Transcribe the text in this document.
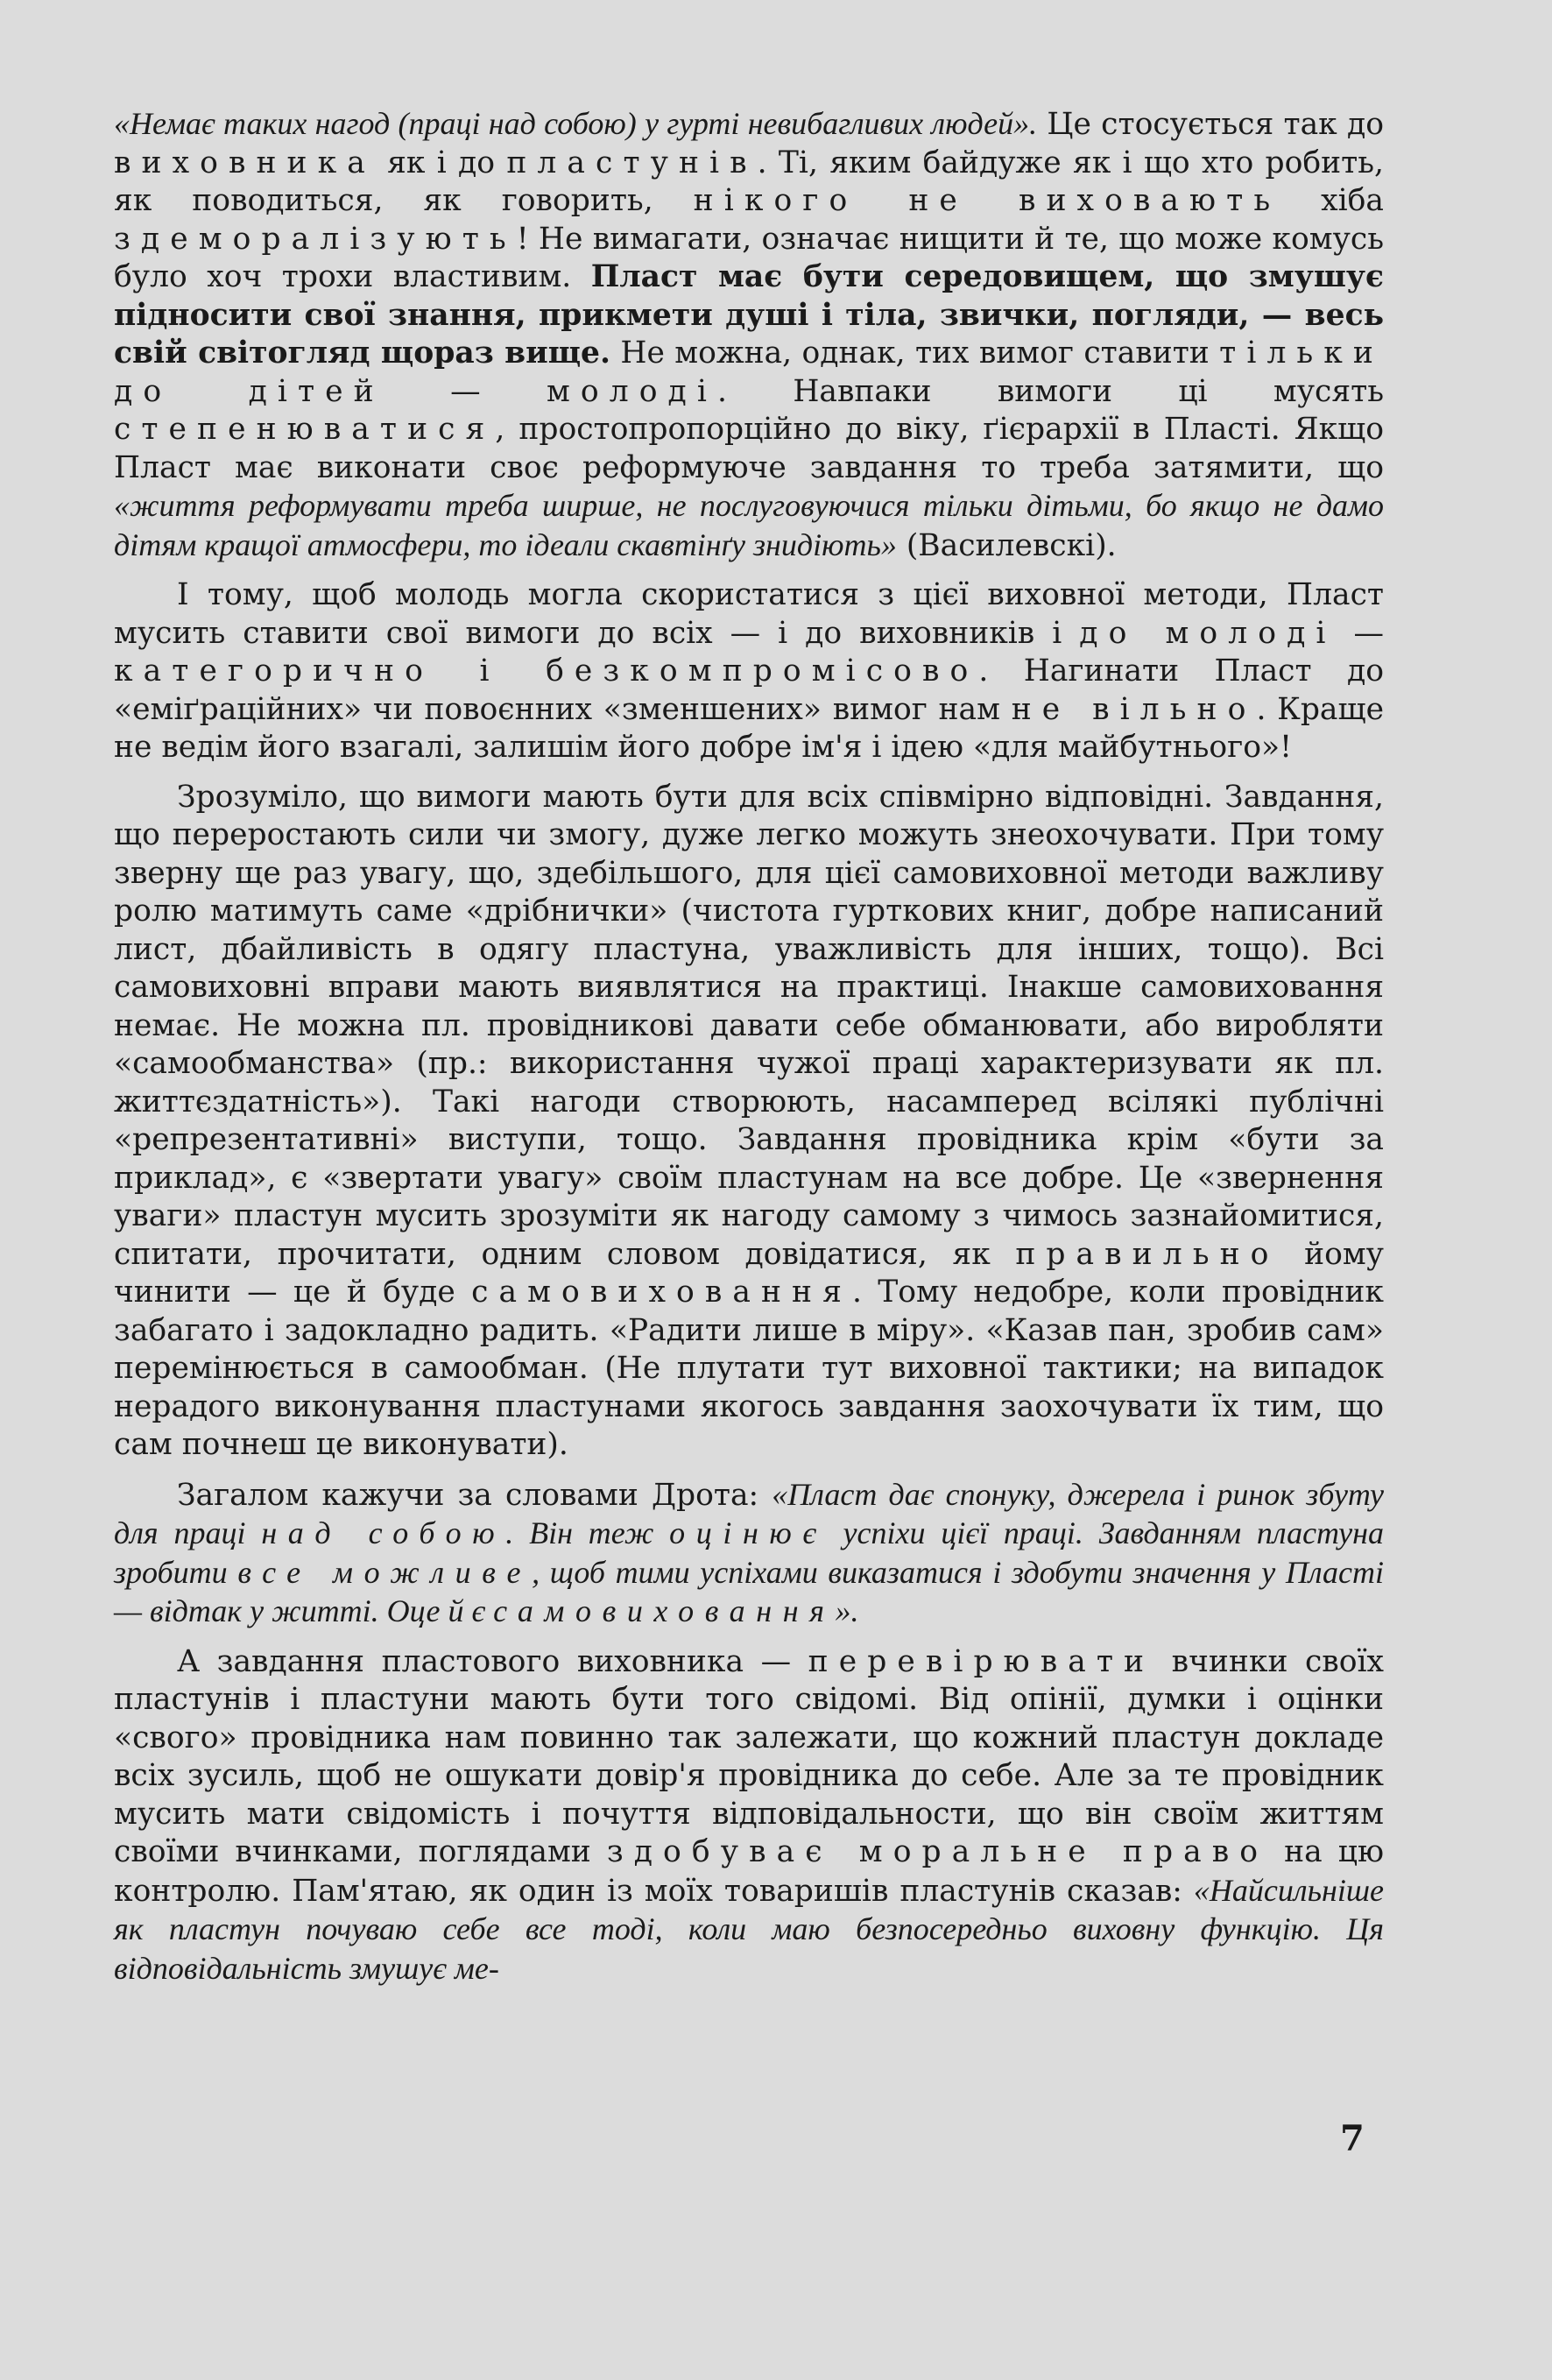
«Немає таких нагод (праці над собою) у гурті невибагливих людей». Це стосується так до виховника як і до пластунів. Ті, яким байдуже як і що хто робить, як поводиться, як говорить, нікого не виховають хіба здеморалізують! Не вимагати, означає нищити й те, що може комусь було хоч трохи властивим. Пласт має бути середовищем, що змушує підносити свої знання, прикмети душі і тіла, звички, погляди, — весь свій світогляд щораз вище. Не можна, однак, тих вимог ставити тільки до дітей — молоді. Навпаки вимоги ці мусять степенюватися, простопропорційно до віку, ґієрархії в Пласті. Якщо Пласт має виконати своє реформуюче завдання то треба затямити, що «життя реформувати треба ширше, не послуговуючися тільки дітьми, бо якщо не дамо дітям кращої атмосфери, то ідеали скавтінґу знидіють» (Василевскі).

І тому, щоб молодь могла скористатися з цієї виховної методи, Пласт мусить ставити свої вимоги до всіх — і до виховників і до молоді — категорично і безкомпромісово. Нагинати Пласт до «еміґраційних» чи повоєнних «зменшених» вимог нам не вільно. Краще не ведім його взагалі, залишім його добре ім'я і ідею «для майбутнього»!

Зрозуміло, що вимоги мають бути для всіх співмірно відповідні. Завдання, що переростають сили чи змогу, дуже легко можуть знеохочувати. При тому зверну ще раз увагу, що, здебільшого, для цієї самовиховної методи важливу ролю матимуть саме «дрібнички» (чистота гурткових книг, добре написаний лист, дбайливість в одягу пластуна, уважливість для інших, тощо). Всі самовиховні вправи мають виявлятися на практиці. Інакше самовиховання немає. Не можна пл. провідникові давати себе обманювати, або виробляти «самообманства» (пр.: використання чужої праці характеризувати як пл. життєздатність»). Такі нагоди створюють, насамперед всілякі публічні «репрезентативні» виступи, тощо. Завдання провідника крім «бути за приклад», є «звертати увагу» своїм пластунам на все добре. Це «звернення уваги» пластун мусить зрозуміти як нагоду самому з чимось зазнайомитися, спитати, прочитати, одним словом довідатися, як правильно йому чинити — це й буде самовиховання. Тому недобре, коли провідник забагато і задокладно радить. «Радити лише в міру». «Казав пан, зробив сам» перемінюється в самообман. (Не плутати тут виховної тактики; на випадок нерадого виконування пластунами якогось завдання заохочувати їх тим, що сам почнеш це виконувати).

Загалом кажучи за словами Дрота: «Пласт дає спонуку, джерела і ринок збуту для праці над собою. Він теж оцінює успіхи цієї праці. Завданням пластуна зробити все можливе, щоб тими успіхами виказатися і здобути значення у Пласті — відтак у житті. Оце й є самовиховання».

А завдання пластового виховника — перевірювати вчинки своїх пластунів і пластуни мають бути того свідомі. Від опінії, думки і оцінки «свого» провідника нам повинно так залежати, що кожний пластун докладе всіх зусиль, щоб не ошукати довір'я провідника до себе. Але за те провідник мусить мати свідомість і почуття відповідальности, що він своїм життям своїми вчинками, поглядами здобуває моральне право на цю контролю. Пам'ятаю, як один із моїх товаришів пластунів сказав: «Найсильніше як пластун почуваю себе все тоді, коли маю безпосередньо виховну функцію. Ця відповідальність змушує ме-

7
